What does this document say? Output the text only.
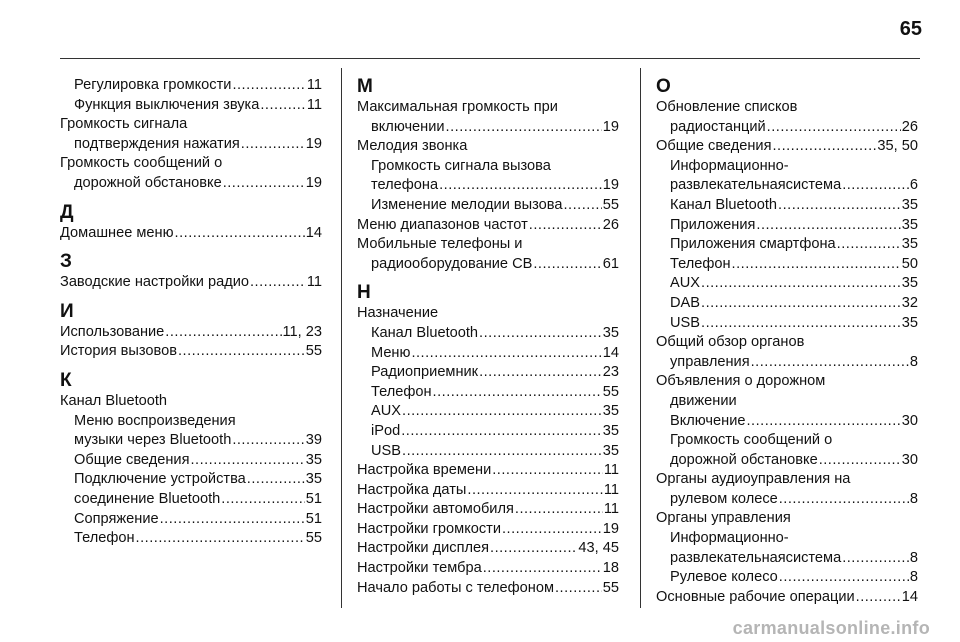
65
Регулировка громкости .....	11
Функция выключения звука .....	11
Громкость сигнала
подтверждения нажатия .....	19
Громкость сообщений о
дорожной обстановке .....	19
Д
Домашнее меню .....	14
З
Заводские настройки радио .....	11
И
Использование .....	11, 23
История вызовов .....	55
К
Канал Bluetooth
Меню воспроизведения
музыки через Bluetooth .....	39
Общие сведения .....	35
Подключение устройства .....	35
соединение Bluetooth .....	51
Сопряжение .....	51
Телефон .....	55
М
Максимальная громкость при
включении .....	19
Мелодия звонка
Громкость сигнала вызова
телефона .....	19
Изменение мелодии вызова .....	55
Меню диапазонов частот .....	26
Мобильные телефоны и
радиооборудование CB .....	61
Н
Назначение
Канал Bluetooth .....	35
Меню .....	14
Радиоприемник .....	23
Телефон .....	55
AUX .....	35
iPod .....	35
USB .....	35
Настройка времени .....	11
Настройка даты .....	11
Настройки автомобиля .....	11
Настройки громкости .....	19
Настройки дисплея .....	43, 45
Настройки тембра .....	18
Начало работы с телефоном .....	55
О
Обновление списков
радиостанций .....	26
Общие сведения .....	35, 50
Информационно-
развлекательнаясистема .....	6
Канал Bluetooth .....	35
Приложения .....	35
Приложения смартфона .....	35
Телефон .....	50
AUX .....	35
DAB .....	32
USB .....	35
Общий обзор органов
управления .....	8
Объявления о дорожном
движении
Включение .....	30
Громкость сообщений о
дорожной обстановке .....	30
Органы аудиоуправления на
рулевом колесе .....	8
Органы управления
Информационно-
развлекательнаясистема .....	8
Рулевое колесо .....	8
Основные рабочие операции .....	14
carmanualsonline.info
